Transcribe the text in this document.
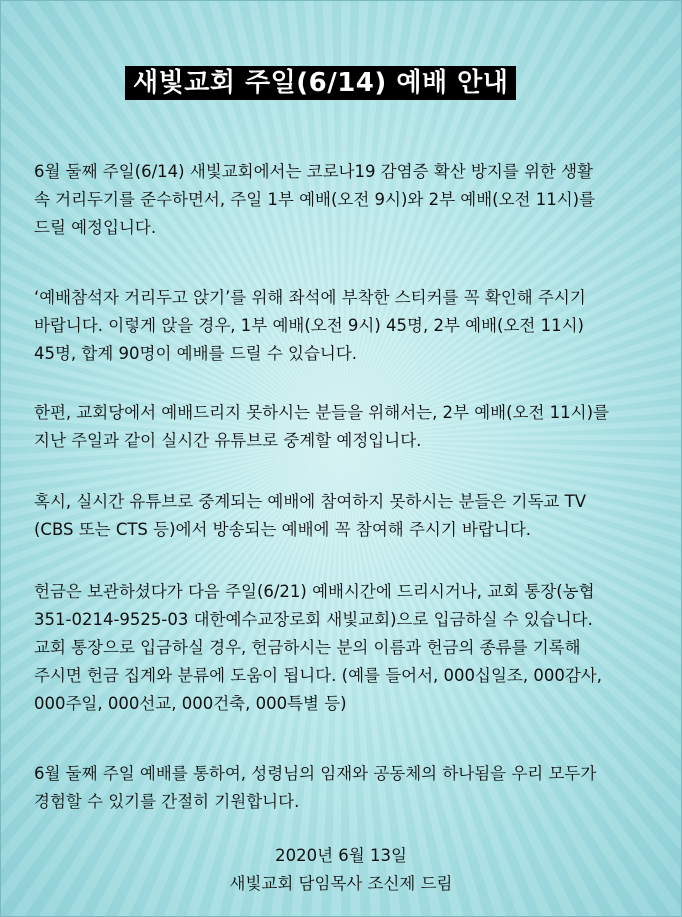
새빛교회 주일(6/14) 예배 안내
6월 둘째 주일(6/14) 새빛교회에서는 코로나19 감염증 확산 방지를 위한 생활
속 거리두기를 준수하면서, 주일 1부 예배(오전 9시)와 2부 예배(오전 11시)를
드릴 예정입니다.
‘예배참석자 거리두고 앉기’를 위해 좌석에 부착한 스티커를 꼭 확인해 주시기
바랍니다. 이렇게 앉을 경우, 1부 예배(오전 9시) 45명, 2부 예배(오전 11시)
45명, 합계 90명이 예배를 드릴 수 있습니다.
한편, 교회당에서 예배드리지 못하시는 분들을 위해서는, 2부 예배(오전 11시)를
지난 주일과 같이 실시간 유튜브로 중계할 예정입니다.
혹시, 실시간 유튜브로 중계되는 예배에 참여하지 못하시는 분들은 기독교 TV
(CBS 또는 CTS 등)에서 방송되는 예배에 꼭 참여해 주시기 바랍니다.
헌금은 보관하셨다가 다음 주일(6/21) 예배시간에 드리시거나, 교회 통장(농협
351-0214-9525-03 대한예수교장로회 새빛교회)으로 입금하실 수 있습니다.
교회 통장으로 입금하실 경우, 헌금하시는 분의 이름과 헌금의 종류를 기록해
주시면 헌금 집계와 분류에 도움이 됩니다. (예를 들어서, 000십일조, 000감사,
000주일, 000선교, 000건축, 000특별 등)
6월 둘째 주일 예배를 통하여, 성령님의 임재와 공동체의 하나됨을 우리 모두가
경험할 수 있기를 간절히 기원합니다.
2020년 6월 13일
새빛교회 담임목사 조신제 드림
